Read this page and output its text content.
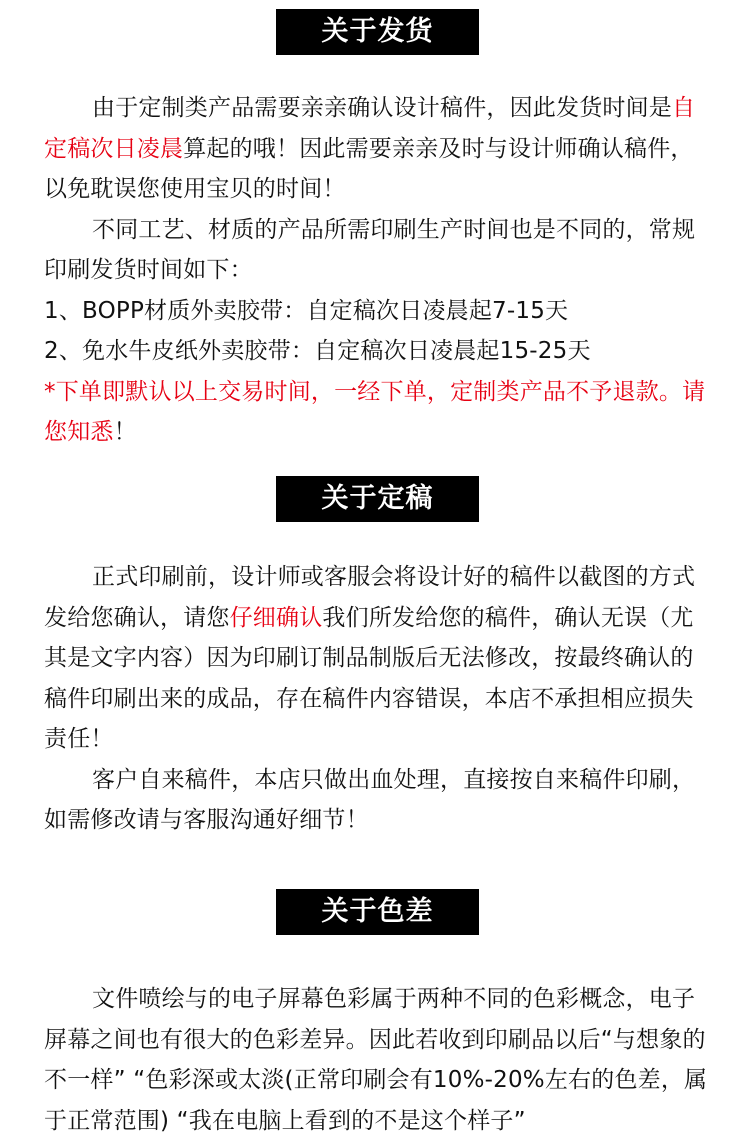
关于发货

由于定制类产品需要亲亲确认设计稿件，因此发货时间是自定稿次日凌晨算起的哦！因此需要亲亲及时与设计师确认稿件，以免耽误您使用宝贝的时间！

不同工艺、材质的产品所需印刷生产时间也是不同的，常规印刷发货时间如下：

1、BOPP材质外卖胶带：自定稿次日凌晨起7-15天

2、免水牛皮纸外卖胶带：自定稿次日凌晨起15-25天

*下单即默认以上交易时间，一经下单，定制类产品不予退款。请您知悉！

关于定稿

正式印刷前，设计师或客服会将设计好的稿件以截图的方式发给您确认，请您仔细确认我们所发给您的稿件，确认无误（尤其是文字内容）因为印刷订制品制版后无法修改，按最终确认的稿件印刷出来的成品，存在稿件内容错误，本店不承担相应损失责任！

客户自来稿件，本店只做出血处理，直接按自来稿件印刷，如需修改请与客服沟通好细节！

关于色差

文件喷绘与的电子屏幕色彩属于两种不同的色彩概念，电子屏幕之间也有很大的色彩差异。因此若收到印刷品以后“与想象的不一样” “色彩深或太淡(正常印刷会有10%-20%左右的色差，属于正常范围) “我在电脑上看到的不是这个样子”
